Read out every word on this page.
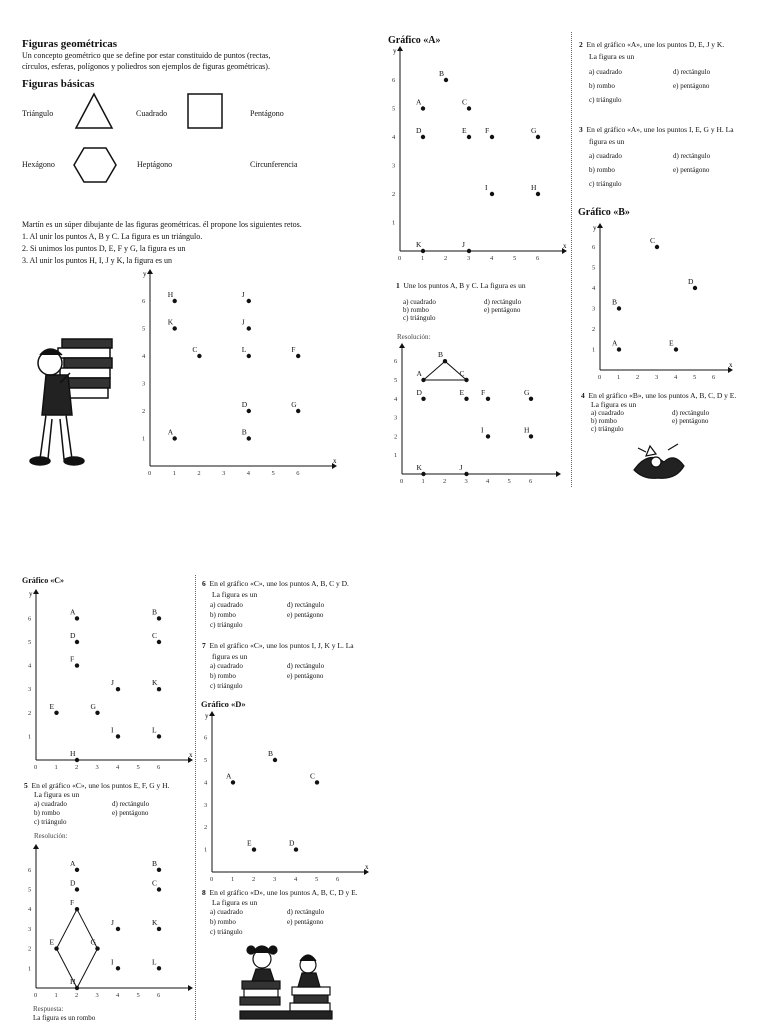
Figuras geométricas
Un concepto geométrico que se define por estar constituido de puntos (rectas,
círculos, esferas, polígonos y poliedros son ejemplos de figuras geométricas).
Figuras básicas
Triángulo	Cuadrado	Pentágono
Hexágono	Heptágono	Circunferencia
Martín es un súper dibujante de las figuras geométricas. él propone los siguientes retos.
1. Al unir los puntos A, B y C. La figura es un triángulo.
2. Si unimos los puntos D, E, F y G, la figura es un
3. Al unir los puntos H, I, J y K, la figura es un
x
y
0	1	2	3	4	5	6
1
2
3
4
5
6
H	J
K	J
C	L	F
D	G
A	B
Gráfico «A»
x
y
0	1	2	3	4	5	6
1
2
3
4
5
6
B
A	C
D	E F	G
I	H
K	J
1 Une los puntos A, B y C. La figura es un
a) cuadrado
b) rombo
c) triángulo
d) rectángulo
e) pentágono
Resolución:
0	1	2	3	4	5	6
1
2
3
4
5
6
B
A	C
D	E F	G
I	H
K	J
2 En el gráfico «A», une los puntos D, E, J y K.
La figura es un
a) cuadrado
b) rombo
c) triángulo
d) rectángulo
e) pentágono
3 En el gráfico «A», une los puntos I, E, G y H. La
figura es un
a) cuadrado
b) rombo
c) triángulo
d) rectángulo
e) pentágono
Gráfico «B»
x
y
0 1 2 3 4 5 6
1
2
3
4
5
6
C
D
B
A	E
4 En el gráfico «B», une los puntos A, B, C, D y E.
La figura es un
a) cuadrado
b) rombo
c) triángulo
d) rectángulo
e) pentágono
Gráfico «C»
x
y
0	1	2	3	4	5	6
1
2
3
4
5
6
A	B
D	C
F
J	K
E	G
I	L
H
5 En el gráfico «C», une los puntos E, F, G y H.
La figura es un
a) cuadrado
b) rombo
c) triángulo
d) rectángulo
e) pentágono
Resolución:
0	1	2	3	4	5	6
1
2
3
4
5
6
A	B
D	C
F
J	K
E	G
I	L
H
Respuesta:
La figura es un rombo
6 En el gráfico «C», une los puntos A, B, C y D.
La figura es un
a) cuadrado
b) rombo
c) triángulo
d) rectángulo
e) pentágono
7 En el gráfico «C», une los puntos I, J, K y L. La
figura es un
a) cuadrado
b) rombo
c) triángulo
d) rectángulo
e) pentágono
Gráfico «D»
x
y
0	1	2	3	4	5	6
1
2
3
4
5
6
B
A	C
E	D
8 En el gráfico «D», une los puntos A, B, C, D y E.
La figura es un
a) cuadrado
b) rombo
c) triángulo
d) rectángulo
e) pentágono
